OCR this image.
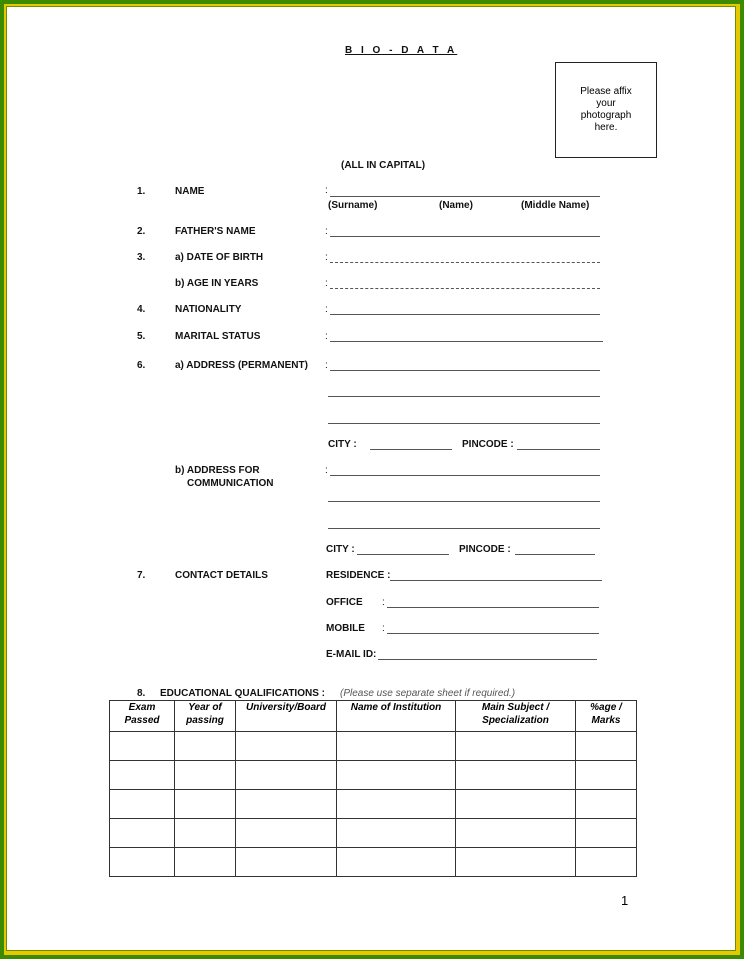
B I O - D A T A
Please affix your photograph here.
(ALL IN CAPITAL)
1.	NAME	:
(Surname)	(Name)	(Middle Name)
2.	FATHER'S NAME	:
3.	a) DATE OF BIRTH	:
b) AGE IN YEARS	:
4.	NATIONALITY	:
5.	MARITAL STATUS	:
6.	a) ADDRESS (PERMANENT) :
CITY :	PINCODE :
b) ADDRESS FOR
COMMUNICATION
:
CITY :	PINCODE :
7.	CONTACT DETAILS	RESIDENCE :
OFFICE :
MOBILE :
E-MAIL ID:
8. EDUCATIONAL QUALIFICATIONS : (Please use separate sheet if required.)
Exam Passed	Year of passing	University/Board	Name of Institution	Main Subject / Specialization	%age / Marks

1
